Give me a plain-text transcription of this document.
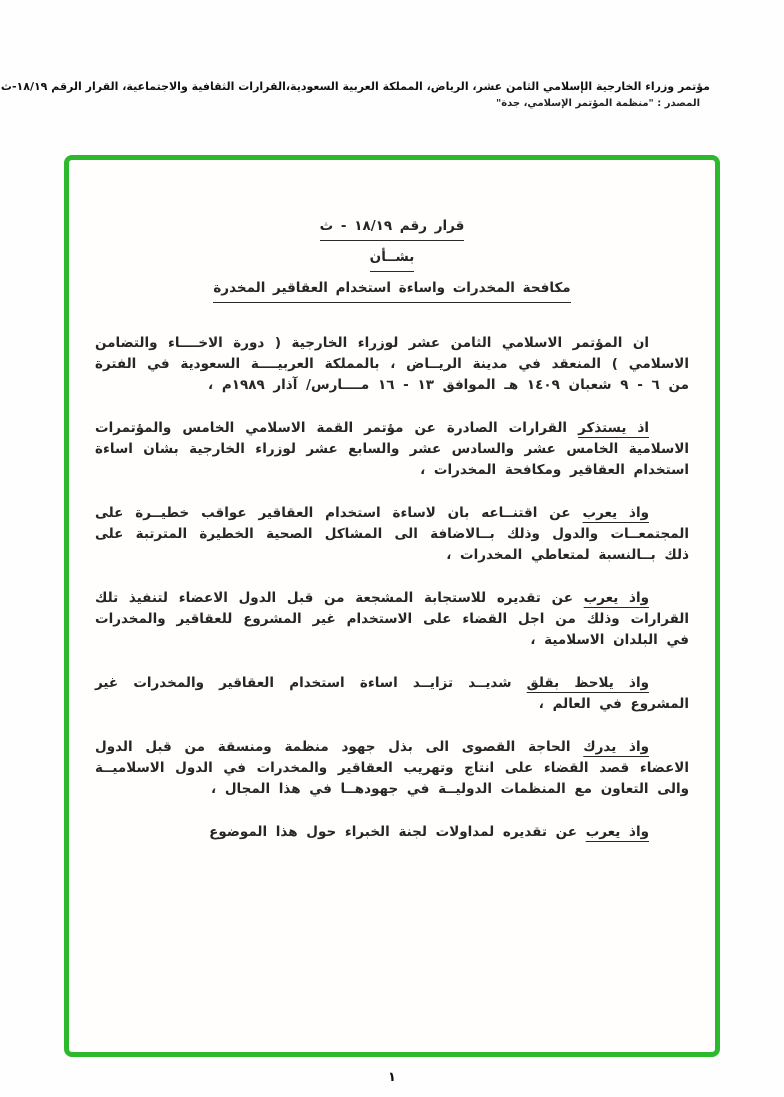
مؤتمر وزراء الخارجية الإسلامي الثامن عشر، الرياض، المملكة العربية السعودية،القرارات الثقافية والاجتماعية، القرار الرقم ١٨/١٩-ث
المصدر : "منظمة المؤتمر الإسلامي، جدة"
قرار رقم ١٨/١٩ - ث
بشــأن
مكافحة المخدرات واساءة استخدام العقاقير المخدرة

ان المؤتمر الاسلامي الثامن عشر لوزراء الخارجية ( دورة الاخــــاء والتضامن الاسلامي ) المنعقد في مدينة الريــاض ، بالمملكة العربيــــة السعودية في الفترة من ٦ - ٩ شعبان ١٤٠٩ هـ الموافق ١٣ - ١٦ مــــارس/ آذار ١٩٨٩م ،

اذ يستذكر القرارات الصادرة عن مؤتمر القمة الاسلامي الخامس والمؤتمرات الاسلامية الخامس عشر والسادس عشر والسابع عشر لوزراء الخارجية بشان اساءة استخدام العقاقير ومكافحة المخدرات ،

واذ يعرب عن اقتنــاعه بان لاساءة استخدام العقاقير عواقب خطيــرة على المجتمعــات والدول وذلك بــالاضافة الى المشاكل الصحية الخطيرة المترتبة على ذلك بــالنسبة لمتعاطي المخدرات ،

واذ يعرب عن تقديره للاستجابة المشجعة من قبل الدول الاعضاء لتنفيذ تلك القرارات وذلك من اجل القضاء على الاستخدام غير المشروع للعقاقير والمخدرات في البلدان الاسلامية ،

واذ يلاحظ بقلق شديــد تزايــد اساءة استخدام العقاقير والمخدرات غير المشروع في العالم ،

واذ يدرك الحاجة القصوى الى بذل جهود منظمة ومنسقة من قبل الدول الاعضاء قصد القضاء على انتاج وتهريب العقاقير والمخدرات في الدول الاسلاميــة والى التعاون مع المنظمات الدوليــة في جهودهــا في هذا المجال ،

واذ يعرب عن تقديره لمداولات لجنة الخبراء حول هذا الموضوع

١
